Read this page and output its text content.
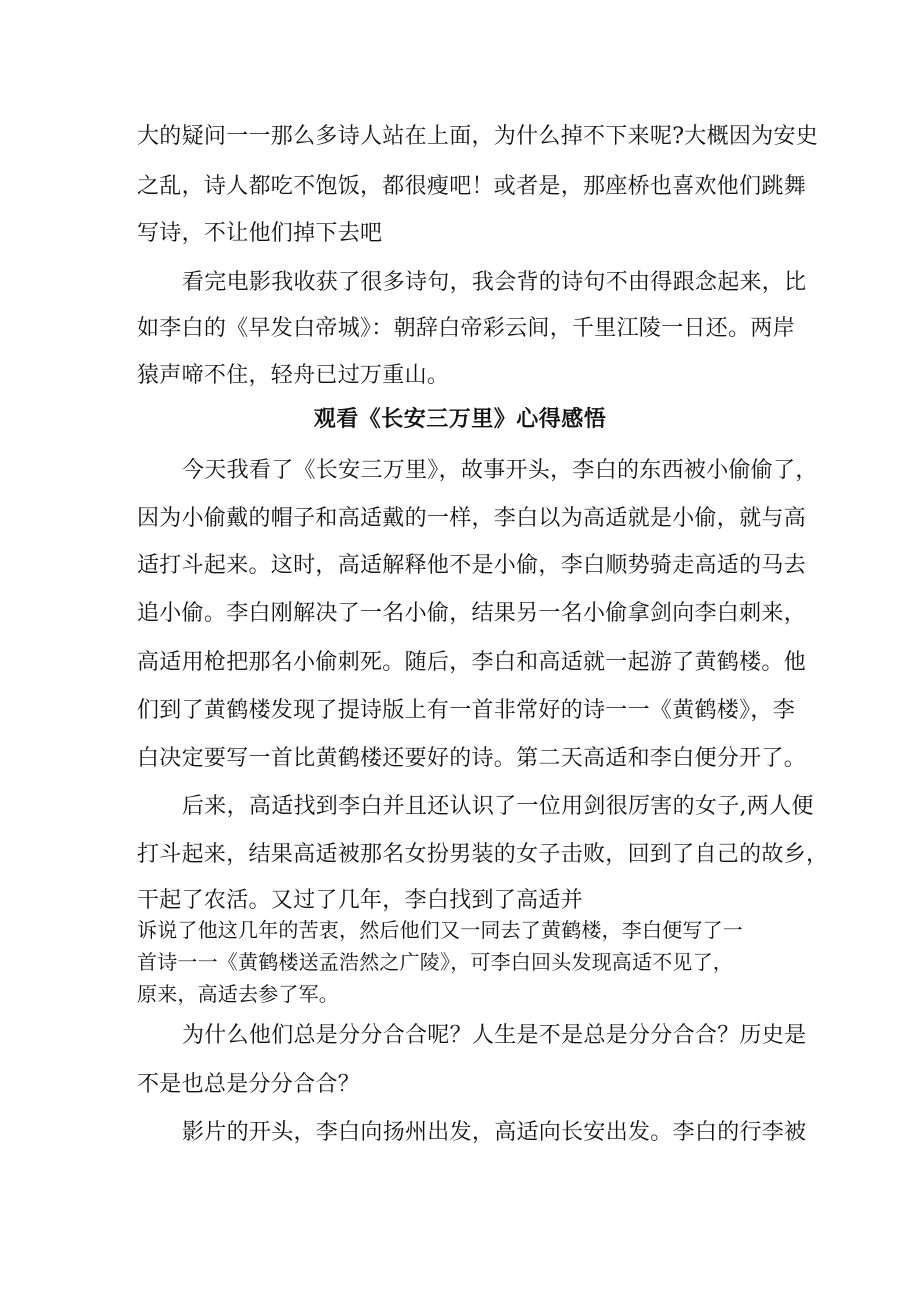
大的疑问一一那么多诗人站在上面，为什么掉不下来呢?大概因为安史
之乱，诗人都吃不饱饭，都很瘦吧！或者是，那座桥也喜欢他们跳舞
写诗，不让他们掉下去吧
看完电影我收获了很多诗句，我会背的诗句不由得跟念起来，比
如李白的《早发白帝城》：朝辞白帝彩云间，千里江陵一日还。两岸
猿声啼不住，轻舟已过万重山。
观看《长安三万里》心得感悟
今天我看了《长安三万里》，故事开头，李白的东西被小偷偷了，
因为小偷戴的帽子和高适戴的一样，李白以为高适就是小偷，就与高
适打斗起来。这时，高适解释他不是小偷，李白顺势骑走高适的马去
追小偷。李白刚解决了一名小偷，结果另一名小偷拿剑向李白刺来，
高适用枪把那名小偷刺死。随后，李白和高适就一起游了黄鹤楼。他
们到了黄鹤楼发现了提诗版上有一首非常好的诗一一《黄鹤楼》，李
白决定要写一首比黄鹤楼还要好的诗。第二天高适和李白便分开了。
后来，高适找到李白并且还认识了一位用剑很厉害的女子,两人便
打斗起来，结果高适被那名女扮男装的女子击败，回到了自己的故乡，
干起了农活。又过了几年，李白找到了高适并
诉说了他这几年的苦衷，然后他们又一同去了黄鹤楼，李白便写了一
首诗一一《黄鹤楼送孟浩然之广陵》，可李白回头发现高适不见了，
原来，高适去参了军。
为什么他们总是分分合合呢？人生是不是总是分分合合？历史是
不是也总是分分合合？
影片的开头，李白向扬州出发，高适向长安出发。李白的行李被
